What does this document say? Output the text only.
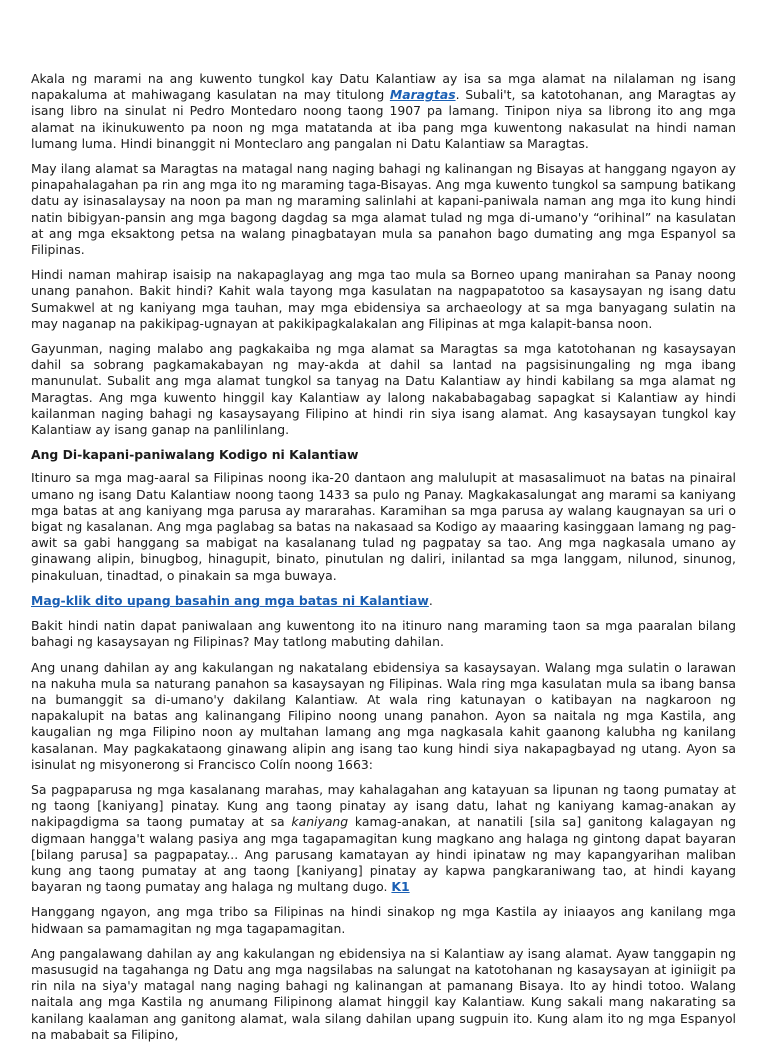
Akala ng marami na ang kuwento tungkol kay Datu Kalantiaw ay isa sa mga alamat na nilalaman ng isang napakaluma at mahiwagang kasulatan na may titulong Maragtas. Subali't, sa katotohanan, ang Maragtas ay isang libro na sinulat ni Pedro Montedaro noong taong 1907 pa lamang. Tinipon niya sa librong ito ang mga alamat na ikinukuwento pa noon ng mga matatanda at iba pang mga kuwentong nakasulat na hindi naman lumang luma. Hindi binanggit ni Monteclaro ang pangalan ni Datu Kalantiaw sa Maragtas.

May ilang alamat sa Maragtas na matagal nang naging bahagi ng kalinangan ng Bisayas at hanggang ngayon ay pinapahalagahan pa rin ang mga ito ng maraming taga-Bisayas. Ang mga kuwento tungkol sa sampung batikang datu ay isinasalaysay na noon pa man ng maraming salinlahi at kapani-paniwala naman ang mga ito kung hindi natin bibigyan-pansin ang mga bagong dagdag sa mga alamat tulad ng mga di-umano'y “orihinal” na kasulatan at ang mga eksaktong petsa na walang pinagbatayan mula sa panahon bago dumating ang mga Espanyol sa Filipinas.

Hindi naman mahirap isaisip na nakapaglayag ang mga tao mula sa Borneo upang manirahan sa Panay noong unang panahon. Bakit hindi? Kahit wala tayong mga kasulatan na nagpapatotoo sa kasaysayan ng isang datu Sumakwel at ng kaniyang mga tauhan, may mga ebidensiya sa archaeology at sa mga banyagang sulatin na may naganap na pakikipag-ugnayan at pakikipagkalakalan ang Filipinas at mga kalapit-bansa noon.

Gayunman, naging malabo ang pagkakaiba ng mga alamat sa Maragtas sa mga katotohanan ng kasaysayan dahil sa sobrang pagkamakabayan ng may-akda at dahil sa lantad na pagsisinungaling ng mga ibang manunulat. Subalit ang mga alamat tungkol sa tanyag na Datu Kalantiaw ay hindi kabilang sa mga alamat ng Maragtas. Ang mga kuwento hinggil kay Kalantiaw ay lalong nakababagabag sapagkat si Kalantiaw ay hindi kailanman naging bahagi ng kasaysayang Filipino at hindi rin siya isang alamat. Ang kasaysayan tungkol kay Kalantiaw ay isang ganap na panlilinlang.

Ang Di-kapani-paniwalang Kodigo ni Kalantiaw

Itinuro sa mga mag-aaral sa Filipinas noong ika-20 dantaon ang malulupit at masasalimuot na batas na pinairal umano ng isang Datu Kalantiaw noong taong 1433 sa pulo ng Panay. Magkakasalungat ang marami sa kaniyang mga batas at ang kaniyang mga parusa ay mararahas. Karamihan sa mga parusa ay walang kaugnayan sa uri o bigat ng kasalanan. Ang mga paglabag sa batas na nakasaad sa Kodigo ay maaaring kasinggaan lamang ng pag-awit sa gabi hanggang sa mabigat na kasalanang tulad ng pagpatay sa tao. Ang mga nagkasala umano ay ginawang alipin, binugbog, hinagupit, binato, pinutulan ng daliri, inilantad sa mga langgam, nilunod, sinunog, pinakuluan, tinadtad, o pinakain sa mga buwaya.

Mag-klik dito upang basahin ang mga batas ni Kalantiaw.

Bakit hindi natin dapat paniwalaan ang kuwentong ito na itinuro nang maraming taon sa mga paaralan bilang bahagi ng kasaysayan ng Filipinas? May tatlong mabuting dahilan.

Ang unang dahilan ay ang kakulangan ng nakatalang ebidensiya sa kasaysayan. Walang mga sulatin o larawan na nakuha mula sa naturang panahon sa kasaysayan ng Filipinas. Wala ring mga kasulatan mula sa ibang bansa na bumanggit sa di-umano'y dakilang Kalantiaw. At wala ring katunayan o katibayan na nagkaroon ng napakalupit na batas ang kalinangang Filipino noong unang panahon. Ayon sa naitala ng mga Kastila, ang kaugalian ng mga Filipino noon ay multahan lamang ang mga nagkasala kahit gaanong kalubha ng kanilang kasalanan. May pagkakataong ginawang alipin ang isang tao kung hindi siya nakapagbayad ng utang. Ayon sa isinulat ng misyonerong si Francisco Colín noong 1663:

Sa pagpaparusa ng mga kasalanang marahas, may kahalagahan ang katayuan sa lipunan ng taong pumatay at ng taong [kaniyang] pinatay. Kung ang taong pinatay ay isang datu, lahat ng kaniyang kamag-anakan ay nakipagdigma sa taong pumatay at sa kaniyang kamag-anakan, at nanatili [sila sa] ganitong kalagayan ng digmaan hangga't walang pasiya ang mga tagapamagitan kung magkano ang halaga ng gintong dapat bayaran [bilang parusa] sa pagpapatay... Ang parusang kamatayan ay hindi ipinataw ng may kapangyarihan maliban kung ang taong pumatay at ang taong [kaniyang] pinatay ay kapwa pangkaraniwang tao, at hindi kayang bayaran ng taong pumatay ang halaga ng multang dugo. K1

Hanggang ngayon, ang mga tribo sa Filipinas na hindi sinakop ng mga Kastila ay iniaayos ang kanilang mga hidwaan sa pamamagitan ng mga tagapamagitan.

Ang pangalawang dahilan ay ang kakulangan ng ebidensiya na si Kalantiaw ay isang alamat. Ayaw tanggapin ng masusugid na tagahanga ng Datu ang mga nagsilabas na salungat na katotohanan ng kasaysayan at iginiigit pa rin nila na siya'y matagal nang naging bahagi ng kalinangan at pamanang Bisaya. Ito ay hindi totoo. Walang naitala ang mga Kastila ng anumang Filipinong alamat hinggil kay Kalantiaw. Kung sakali mang nakarating sa kanilang kaalaman ang ganitong alamat, wala silang dahilan upang sugpuin ito. Kung alam ito ng mga Espanyol na mababait sa Filipino,
